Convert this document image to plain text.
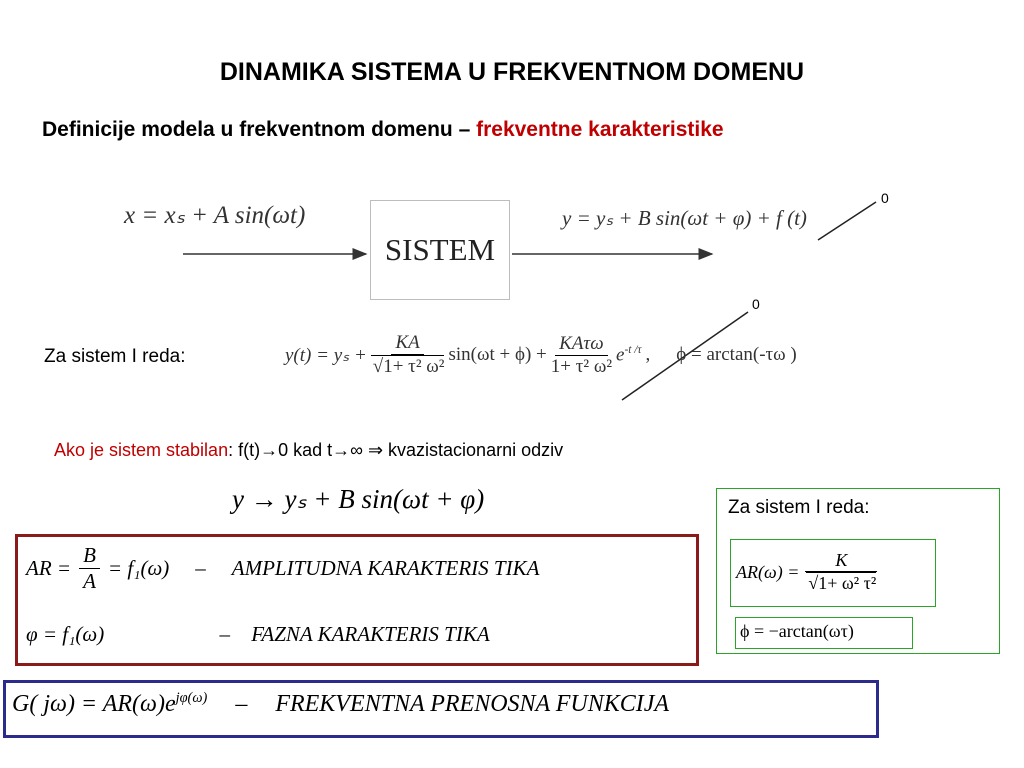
DINAMIKA SISTEMA U FREKVENTNOM DOMENU
Definicije modela u frekventnom domenu – frekventne karakteristike
x = xₛ + A sin(ωt)
SISTEM
y = yₛ + B sin(ωt + φ) + f (t)
0
0
Za sistem I reda:	$y(t) = y_s + \frac{KA}{\text{√1+ τ² ω²}} \sin(\omega t + \phi) + \frac{\text{KAτω}}{\text{1+ τ² ω²}} e^{-t /\tau}$ , ϕ = arctan(-τω )
Ako je sistem stabilan: f(t)→0 kad t→∞ ⇒ kvazistacionarni odziv
y → yₛ + B sin(ωt + φ)
AR = $\frac{B}{A} = f_1(\omega)$ – AMPLITUDNA KARAKTERIS TIKA
φ = f₁(ω)	– FAZNA KARAKTERIS TIKA
Za sistem I reda:
$AR(\omega) = \frac{K}{\text{√1+ ω² τ²}}$
ϕ = −arctan(ωτ)
G( $j\omega) = AR(\omega)e^{j\varphi(\omega)}$ – FREKVENTNA PRENOSNA FUNKCIJA
